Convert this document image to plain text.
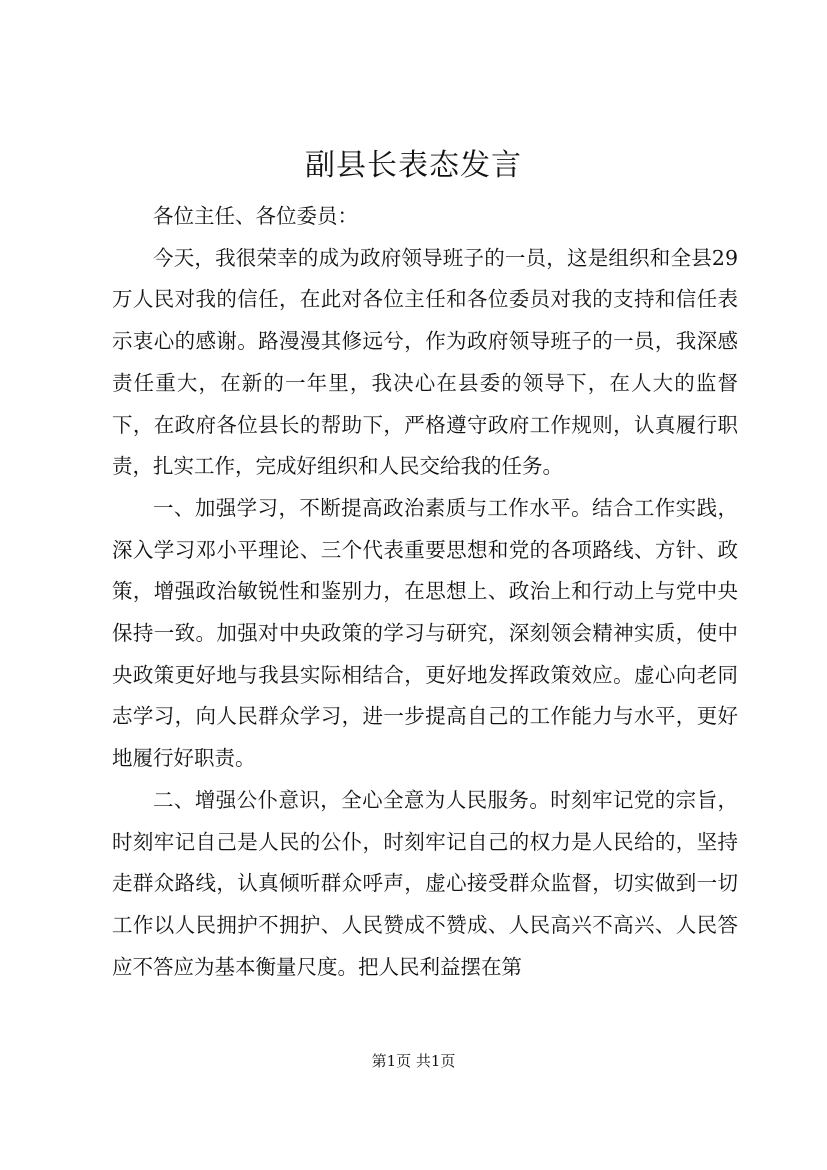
副县长表态发言

各位主任、各位委员：

今天，我很荣幸的成为政府领导班子的一员，这是组织和全县29万人民对我的信任，在此对各位主任和各位委员对我的支持和信任表示衷心的感谢。路漫漫其修远兮，作为政府领导班子的一员，我深感责任重大，在新的一年里，我决心在县委的领导下，在人大的监督下，在政府各位县长的帮助下，严格遵守政府工作规则，认真履行职责，扎实工作，完成好组织和人民交给我的任务。

一、加强学习，不断提高政治素质与工作水平。结合工作实践，深入学习邓小平理论、三个代表重要思想和党的各项路线、方针、政策，增强政治敏锐性和鉴别力，在思想上、政治上和行动上与党中央保持一致。加强对中央政策的学习与研究，深刻领会精神实质，使中央政策更好地与我县实际相结合，更好地发挥政策效应。虚心向老同志学习，向人民群众学习，进一步提高自己的工作能力与水平，更好地履行好职责。

二、增强公仆意识，全心全意为人民服务。时刻牢记党的宗旨，时刻牢记自己是人民的公仆，时刻牢记自己的权力是人民给的，坚持走群众路线，认真倾听群众呼声，虚心接受群众监督，切实做到一切工作以人民拥护不拥护、人民赞成不赞成、人民高兴不高兴、人民答应不答应为基本衡量尺度。把人民利益摆在第

第1页 共1页
